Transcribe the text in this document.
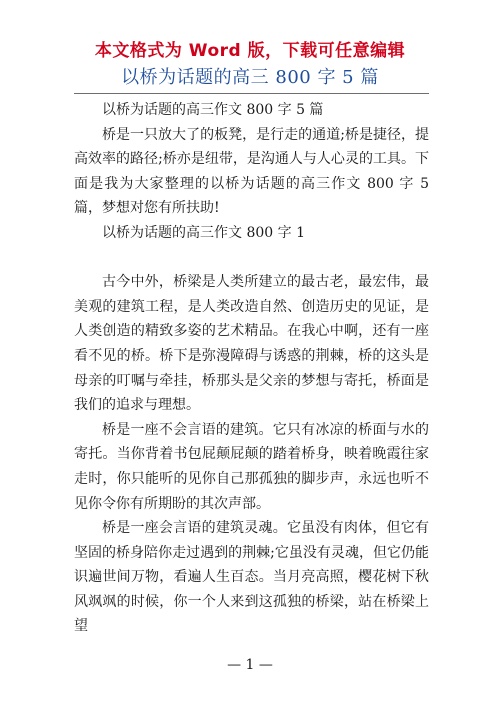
本文格式为 Word 版，下载可任意编辑
以桥为话题的高三 800 字 5 篇

以桥为话题的高三作文 800 字 5 篇

桥是一只放大了的板凳，是行走的通道;桥是捷径，提高效率的路径;桥亦是纽带，是沟通人与人心灵的工具。下面是我为大家整理的以桥为话题的高三作文 800 字 5 篇，梦想对您有所扶助!

以桥为话题的高三作文 800 字 1

古今中外，桥梁是人类所建立的最古老，最宏伟，最美观的建筑工程，是人类改造自然、创造历史的见证，是人类创造的精致多姿的艺术精品。在我心中啊，还有一座看不见的桥。桥下是弥漫障碍与诱惑的荆棘，桥的这头是母亲的叮嘱与牵挂，桥那头是父亲的梦想与寄托，桥面是我们的追求与理想。

桥是一座不会言语的建筑。它只有冰凉的桥面与水的寄托。当你背着书包屁颠屁颠的踏着桥身，映着晚霞往家走时，你只能听的见你自己那孤独的脚步声，永远也听不见你令你有所期盼的其次声部。

桥是一座会言语的建筑灵魂。它虽没有肉体，但它有坚固的桥身陪你走过遇到的荆棘;它虽没有灵魂，但它仍能识遍世间万物，看遍人生百态。当月亮高照，樱花树下秋风飒飒的时候，你一个人来到这孤独的桥梁，站在桥梁上望

— 1 —
